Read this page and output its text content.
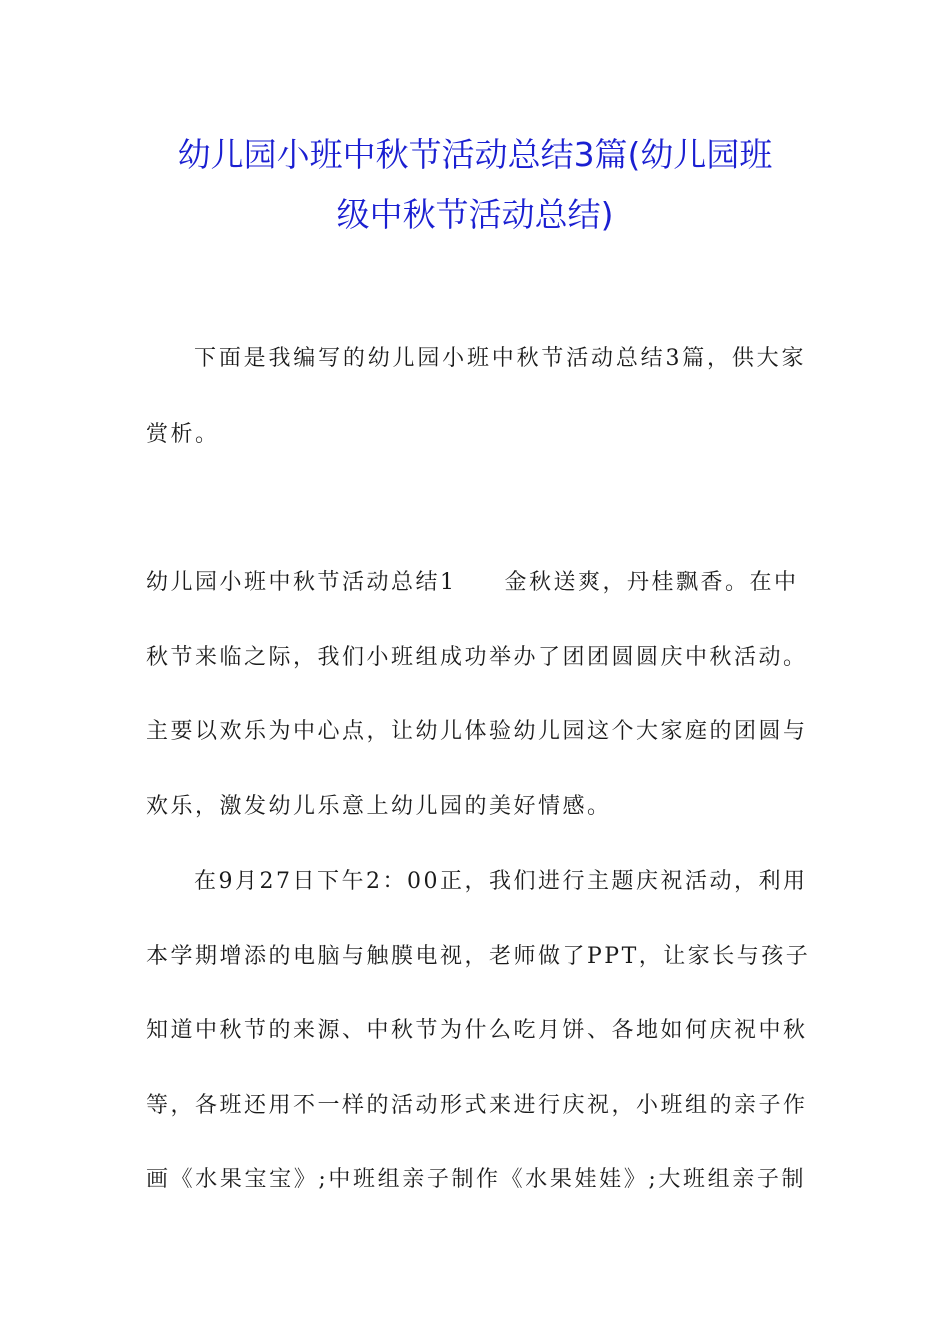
幼儿园小班中秋节活动总结3篇(幼儿园班
级中秋节活动总结)
下面是我编写的幼儿园小班中秋节活动总结3篇，供大家
赏析。
幼儿园小班中秋节活动总结1 金秋送爽，丹桂飘香。在中
秋节来临之际，我们小班组成功举办了团团圆圆庆中秋活动。
主要以欢乐为中心点，让幼儿体验幼儿园这个大家庭的团圆与
欢乐，激发幼儿乐意上幼儿园的美好情感。
在9月27日下午2：00正，我们进行主题庆祝活动，利用
本学期增添的电脑与触膜电视，老师做了PPT，让家长与孩子
知道中秋节的来源、中秋节为什么吃月饼、各地如何庆祝中秋
等，各班还用不一样的活动形式来进行庆祝，小班组的亲子作
画《水果宝宝》;中班组亲子制作《水果娃娃》;大班组亲子制
